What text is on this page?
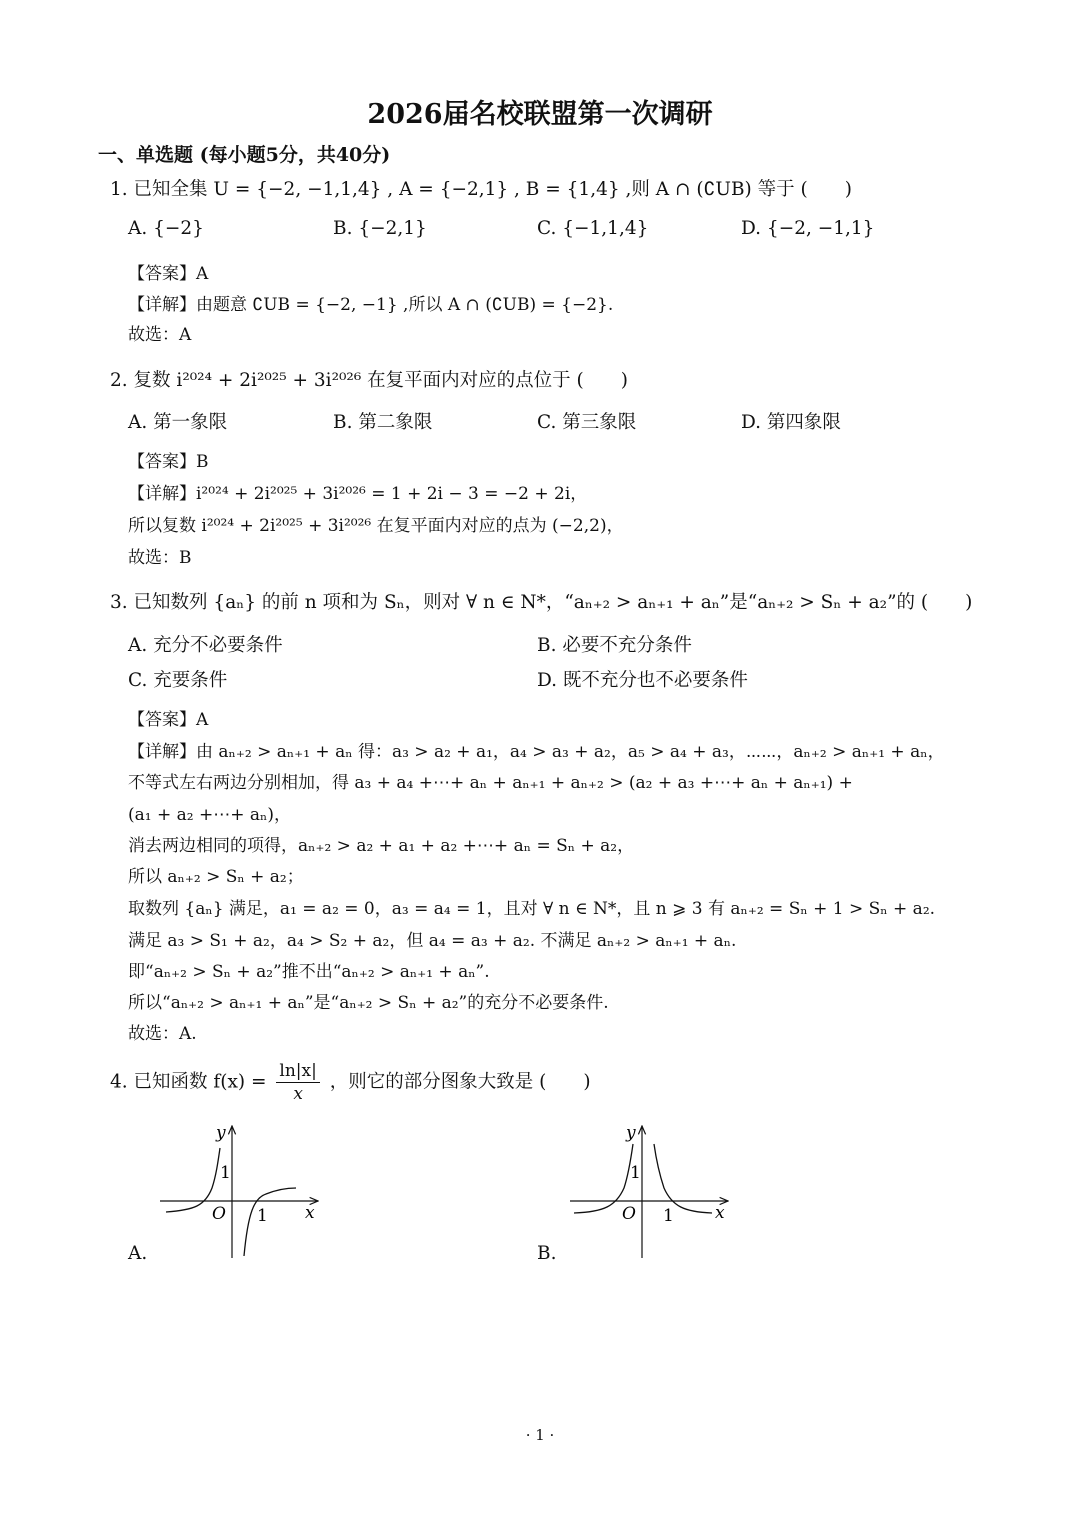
2026届名校联盟第一次调研
一、单选题 (每小题5分，共40分)
1. 已知全集 U = {−2, −1,1,4} , A = {−2,1} , B = {1,4} ,则 A ∩ (∁UB) 等于 (　　)
A. {−2}	B. {−2,1}	C. {−1,1,4}	D. {−2, −1,1}
【答案】A
【详解】由题意 ∁UB = {−2, −1} ,所以 A ∩ (∁UB) = {−2}.
故选：A
2. 复数 i²⁰²⁴ + 2i²⁰²⁵ + 3i²⁰²⁶ 在复平面内对应的点位于 (　　)
A. 第一象限	B. 第二象限	C. 第三象限	D. 第四象限
【答案】B
【详解】i²⁰²⁴ + 2i²⁰²⁵ + 3i²⁰²⁶ = 1 + 2i − 3 = −2 + 2i，
所以复数 i²⁰²⁴ + 2i²⁰²⁵ + 3i²⁰²⁶ 在复平面内对应的点为 (−2,2)，
故选：B
3. 已知数列 {aₙ} 的前 n 项和为 Sₙ，则对 ∀ n ∈ N*，“aₙ₊₂ > aₙ₊₁ + aₙ”是“aₙ₊₂ > Sₙ + a₂”的 (　　)
A. 充分不必要条件	B. 必要不充分条件
C. 充要条件	D. 既不充分也不必要条件
【答案】A
【详解】由 aₙ₊₂ > aₙ₊₁ + aₙ 得：a₃ > a₂ + a₁，a₄ > a₃ + a₂，a₅ > a₄ + a₃，⋯⋯，aₙ₊₂ > aₙ₊₁ + aₙ，
不等式左右两边分别相加，得 a₃ + a₄ +⋯+ aₙ + aₙ₊₁ + aₙ₊₂ > (a₂ + a₃ +⋯+ aₙ + aₙ₊₁) +
(a₁ + a₂ +⋯+ aₙ)，
消去两边相同的项得，aₙ₊₂ > a₂ + a₁ + a₂ +⋯+ aₙ = Sₙ + a₂，
所以 aₙ₊₂ > Sₙ + a₂；
取数列 {aₙ} 满足，a₁ = a₂ = 0，a₃ = a₄ = 1，且对 ∀ n ∈ N*，且 n ⩾ 3 有 aₙ₊₂ = Sₙ + 1 > Sₙ + a₂.
满足 a₃ > S₁ + a₂，a₄ > S₂ + a₂，但 a₄ = a₃ + a₂. 不满足 aₙ₊₂ > aₙ₊₁ + aₙ.
即“aₙ₊₂ > Sₙ + a₂”推不出“aₙ₊₂ > aₙ₊₁ + aₙ”.
所以“aₙ₊₂ > aₙ₊₁ + aₙ”是“aₙ₊₂ > Sₙ + a₂”的充分不必要条件.
故选：A.
4. 已知函数 $f(x) = \frac{\ln|x|}{x}$ ，则它的部分图象大致是 (　　)
y
x
O 1
1
A.
y
x
O 1
1
B.
· 1 ·
